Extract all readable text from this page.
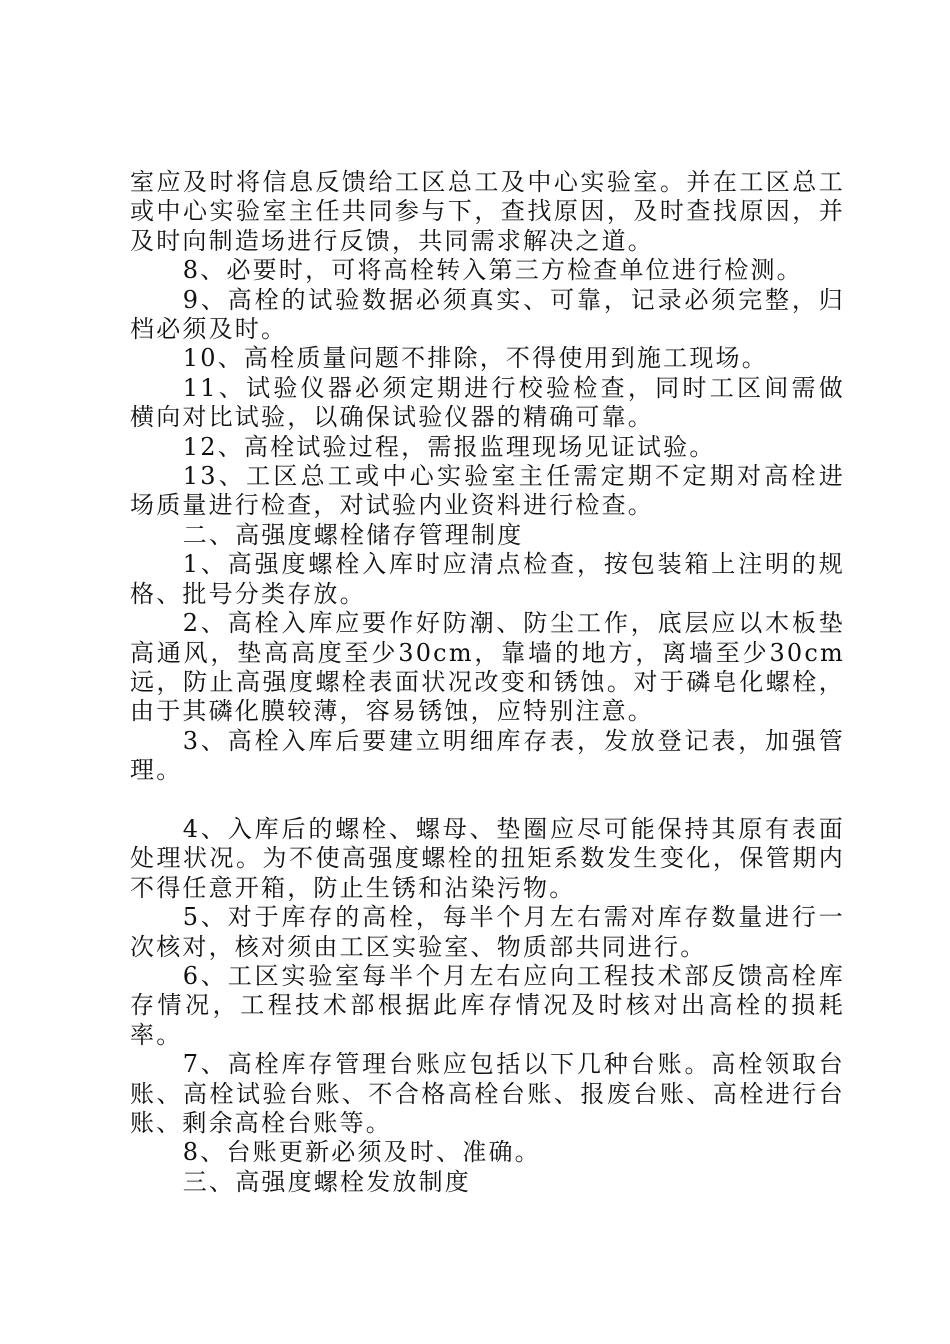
室应及时将信息反馈给工区总工及中心实验室。并在工区总工或中心实验室主任共同参与下，查找原因，及时查找原因，并及时向制造场进行反馈，共同需求解决之道。

8、必要时，可将高栓转入第三方检查单位进行检测。

9、高栓的试验数据必须真实、可靠，记录必须完整，归档必须及时。

10、高栓质量问题不排除，不得使用到施工现场。

11、试验仪器必须定期进行校验检查，同时工区间需做横向对比试验，以确保试验仪器的精确可靠。

12、高栓试验过程，需报监理现场见证试验。

13、工区总工或中心实验室主任需定期不定期对高栓进场质量进行检查，对试验内业资料进行检查。

二、高强度螺栓储存管理制度

1、高强度螺栓入库时应清点检查，按包装箱上注明的规格、批号分类存放。

2、高栓入库应要作好防潮、防尘工作，底层应以木板垫高通风，垫高高度至少30cm，靠墙的地方，离墙至少30cm远，防止高强度螺栓表面状况改变和锈蚀。对于磷皂化螺栓，由于其磷化膜较薄，容易锈蚀，应特别注意。

3、高栓入库后要建立明细库存表，发放登记表，加强管理。

4、入库后的螺栓、螺母、垫圈应尽可能保持其原有表面处理状况。为不使高强度螺栓的扭矩系数发生变化，保管期内不得任意开箱，防止生锈和沾染污物。

5、对于库存的高栓，每半个月左右需对库存数量进行一次核对，核对须由工区实验室、物质部共同进行。

6、工区实验室每半个月左右应向工程技术部反馈高栓库存情况，工程技术部根据此库存情况及时核对出高栓的损耗率。

7、高栓库存管理台账应包括以下几种台账。高栓领取台账、高栓试验台账、不合格高栓台账、报废台账、高栓进行台账、剩余高栓台账等。

8、台账更新必须及时、准确。

三、高强度螺栓发放制度
